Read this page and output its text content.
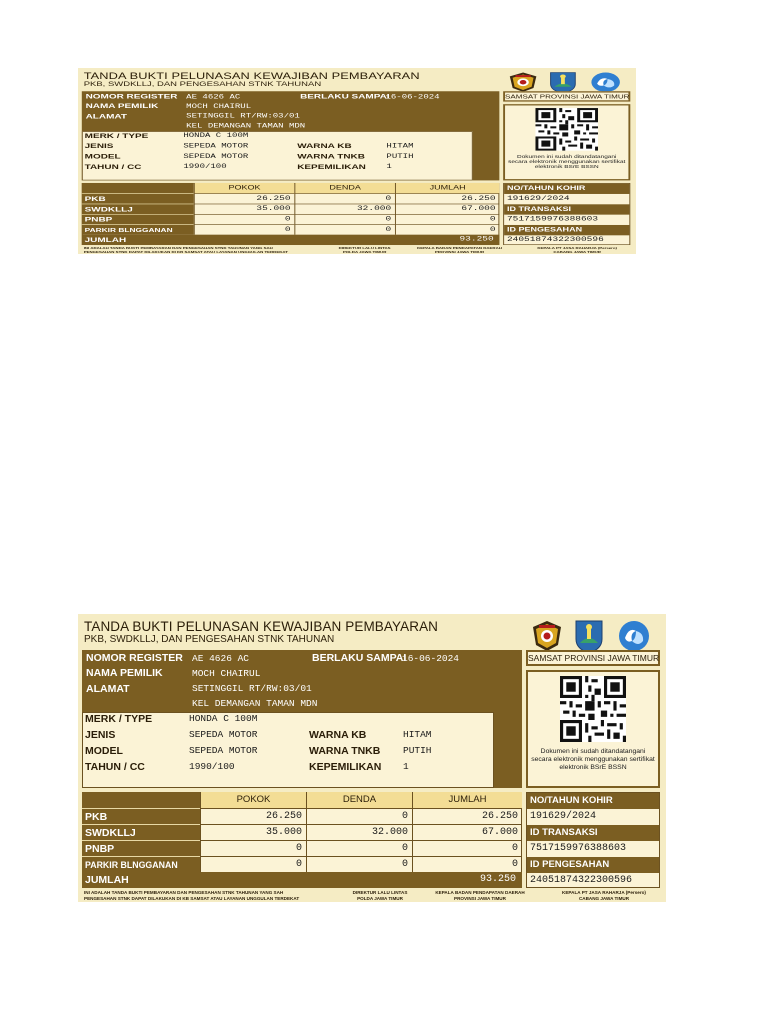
TANDA BUKTI PELUNASAN KEWAJIBAN PEMBAYARAN
PKB, SWDKLLJ, DAN PENGESAHAN STNK TAHUNAN
NOMOR REGISTER AE 4626 AC	BERLAKU SAMPAI
16-06-2024
NAMA PEMILIK	MOCH CHAIRUL
ALAMAT	SETINGGIL RT/RW:03/01
KEL DEMANGAN TAMAN MDN
MERK / TYPE	HONDA C 100M
JENIS	SEPEDA MOTOR	WARNA KB	HITAM
MODEL	SEPEDA MOTOR	WARNA TNKB PUTIH
TAHUN / CC	1990/100	KEPEMILIKAN 1
SAMSAT PROVINSI JAWA TIMUR
Dokumen ini sudah ditandatangani secara elektronik menggunakan sertifikat elektronik BSrE BSSN
POKOK	DENDA	JUMLAH
PKB	26.250	0	26.250
SWDKLLJ	35.000	32.000	67.000
PNBP	0	0	0
PARKIR BLNGGANAN	0	0	0
JUMLAH	93.250
NO/TAHUN KOHIR
191629/2024
ID TRANSAKSI
7517159976388603
ID PENGESAHAN
240518743223005​96
INI ADALAH TANDA BUKTI PEMBAYARAN DAN PENGESAHAN STNK TAHUNAN YANG SAH
PENGESAHAN STNK DAPAT DILAKUKAN DI KB SAMSAT ATAU LAYANAN UNGGULAN TERDEKAT
DIREKTUR LALU LINTAS
POLDA JAWA TIMUR
KEPALA BADAN PENDAPATAN DAERAH
PROVINSI JAWA TIMUR
KEPALA PT JASA RAHARJA (Persero)
CABANG JAWA TIMUR
TANDA BUKTI PELUNASAN KEWAJIBAN PEMBAYARAN
PKB, SWDKLLJ, DAN PENGESAHAN STNK TAHUNAN
NOMOR REGISTER AE 4626 AC	BERLAKU SAMPAI
16-06-2024
NAMA PEMILIK	MOCH CHAIRUL
ALAMAT	SETINGGIL RT/RW:03/01
KEL DEMANGAN TAMAN MDN
MERK / TYPE	HONDA C 100M
JENIS	SEPEDA MOTOR	WARNA KB	HITAM
MODEL	SEPEDA MOTOR	WARNA TNKB PUTIH
TAHUN / CC	1990/100	KEPEMILIKAN 1
SAMSAT PROVINSI JAWA TIMUR
Dokumen ini sudah ditandatangani secara elektronik menggunakan sertifikat elektronik BSrE BSSN
POKOK	DENDA	JUMLAH
PKB	26.250	0	26.250
SWDKLLJ	35.000	32.000	67.000
PNBP	0	0	0
PARKIR BLNGGANAN	0	0	0
JUMLAH	93.250
NO/TAHUN KOHIR
191629/2024
ID TRANSAKSI
7517159976388603
ID PENGESAHAN
240518743223005​96
INI ADALAH TANDA BUKTI PEMBAYARAN DAN PENGESAHAN STNK TAHUNAN YANG SAH
PENGESAHAN STNK DAPAT DILAKUKAN DI KB SAMSAT ATAU LAYANAN UNGGULAN TERDEKAT
DIREKTUR LALU LINTAS
POLDA JAWA TIMUR
KEPALA BADAN PENDAPATAN DAERAH
PROVINSI JAWA TIMUR
KEPALA PT JASA RAHARJA (Persero)
CABANG JAWA TIMUR
